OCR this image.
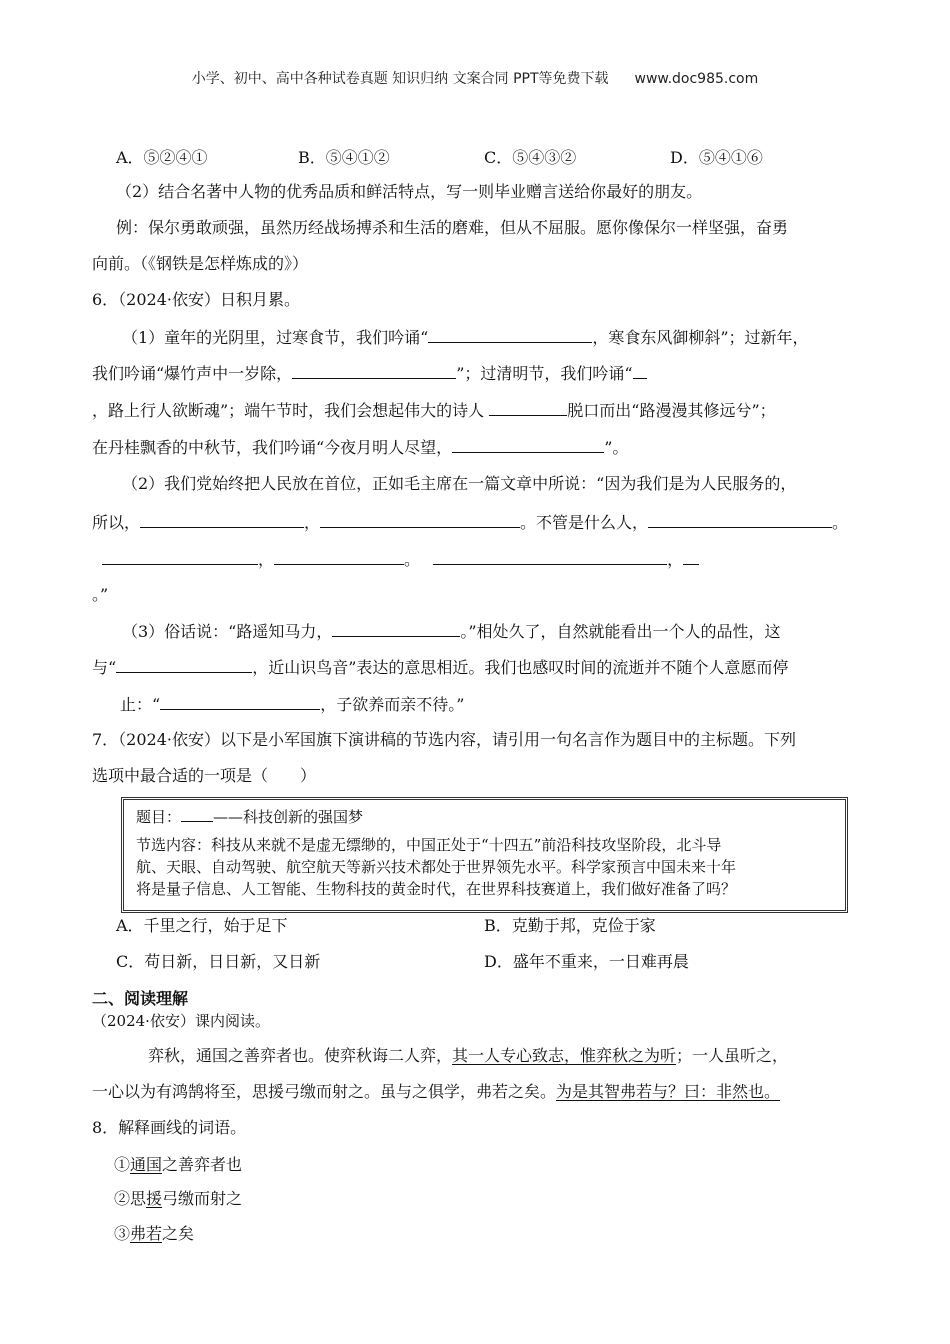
小学、初中、高中各种试卷真题 知识归纳 文案合同 PPT等免费下载 www.doc985.com
A．⑤②④①	B．⑤④①②	C．⑤④③②	D．⑤④①⑥
（2）结合名著中人物的优秀品质和鲜活特点，写一则毕业赠言送给你最好的朋友。
例：保尔勇敢顽强，虽然历经战场搏杀和生活的磨难，但从不屈服。愿你像保尔一样坚强，奋勇
向前。（《钢铁是怎样炼成的》）
6．（2024·依安）日积月累。
（1）童年的光阴里，过寒食节，我们吟诵“	，寒食东风御柳斜”；过新年，
我们吟诵“爆竹声中一岁除，	”；过清明节，我们吟诵“
，路上行人欲断魂”；端午节时，我们会想起伟大的诗人	脱口而出“路漫漫其修远兮”；
在丹桂飘香的中秋节，我们吟诵“今夜月明人尽望，	”。
（2）我们党始终把人民放在首位，正如毛主席在一篇文章中所说：“因为我们是为人民服务的，
所以，	，	。不管是什么人，	。
，	。	，
。”
（3）俗话说：“路遥知马力，	。”相处久了，自然就能看出一个人的品性，这
与“	，近山识鸟音”表达的意思相近。我们也感叹时间的流逝并不随个人意愿而停
止：“	，子欲养而亲不待。”
7．（2024·依安）以下是小军国旗下演讲稿的节选内容，请引用一句名言作为题目中的主标题。下列
选项中最合适的一项是（　　）
题目： ——科技创新的强国梦
节选内容：科技从来就不是虚无缥缈的，中国正处于“十四五”前沿科技攻坚阶段，北斗导
航、天眼、自动驾驶、航空航天等新兴技术都处于世界领先水平。科学家预言中国未来十年
将是量子信息、人工智能、生物科技的黄金时代，在世界科技赛道上，我们做好准备了吗？
A．千里之行，始于足下	B．克勤于邦，克俭于家
C．苟日新，日日新，又日新	D．盛年不重来，一日难再晨
二、阅读理解
（2024·依安）课内阅读。
弈秋，通国之善弈者也。使弈秋诲二人弈，其一人专心致志，惟弈秋之为听；一人虽听之，
一心以为有鸿鹄将至，思援弓缴而射之。虽与之俱学，弗若之矣。为是其智弗若与？曰：非然也。
8．解释画线的词语。
①通国之善弈者也
②思援弓缴而射之
③弗若之矣
